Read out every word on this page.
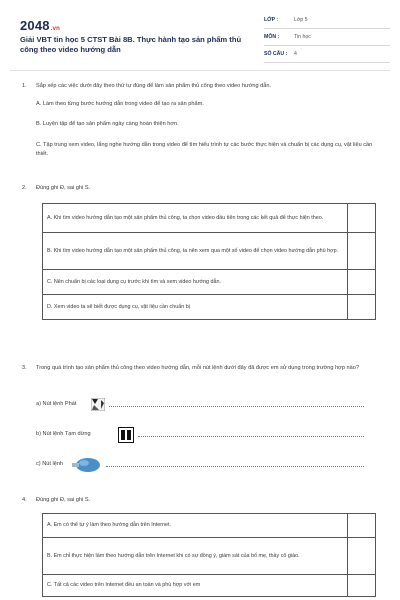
2048.vn
Giải VBT tin học 5 CTST Bài 8B. Thực hành tạo sản phẩm thủ công theo video hướng dẫn
LỚP :	Lớp 5
MÔN :	Tin học
SỐ CÂU : 4
1. Sắp xếp các việc dưới đây theo thứ tự đúng để làm sản phẩm thủ công theo video hướng dẫn.
A. Làm theo từng bước hướng dẫn trong video để tạo ra sản phẩm.
B. Luyện tập để tạo sản phẩm ngày càng hoàn thiện hơn.
C. Tập trung xem video, lắng nghe hướng dẫn trong video để tìm hiểu trình tự các bước thực hiện và chuẩn bị các dụng cụ, vật liệu cần thiết.
2. Đúng ghi Đ, sai ghi S.
A. Khi tìm video hướng dẫn tạo một sản phẩm thủ công, ta chọn video đầu tiên trong các kết quả để thực hiện theo.	
B. Khi tìm video hướng dẫn tạo một sản phẩm thủ công, ta nên xem qua một số video để chọn video hướng dẫn phù hợp.	
C. Nên chuẩn bị các loại dụng cụ trước khi tìm và xem video hướng dẫn.	
D. Xem video ta sẽ biết được dụng cụ, vật liệu cần chuẩn bị	
3. Trong quá trình tạo sản phẩm thủ công theo video hướng dẫn, mỗi nút lệnh dưới đây đã được em sử dụng trong trường hợp nào?
a) Nút lệnh Phát
b) Nút lệnh Tạm dừng
c) Nút lệnh
4. Đúng ghi Đ, sai ghi S.
A. Em có thể tự ý làm theo hướng dẫn trên Internet.	
B. Em chỉ thực hiện làm theo hướng dẫn trên Internet khi có sự đồng ý, giám sát của bố mẹ, thầy cô giáo.	
C. Tất cả các video trên Internet đều an toàn và phù hợp với em	
